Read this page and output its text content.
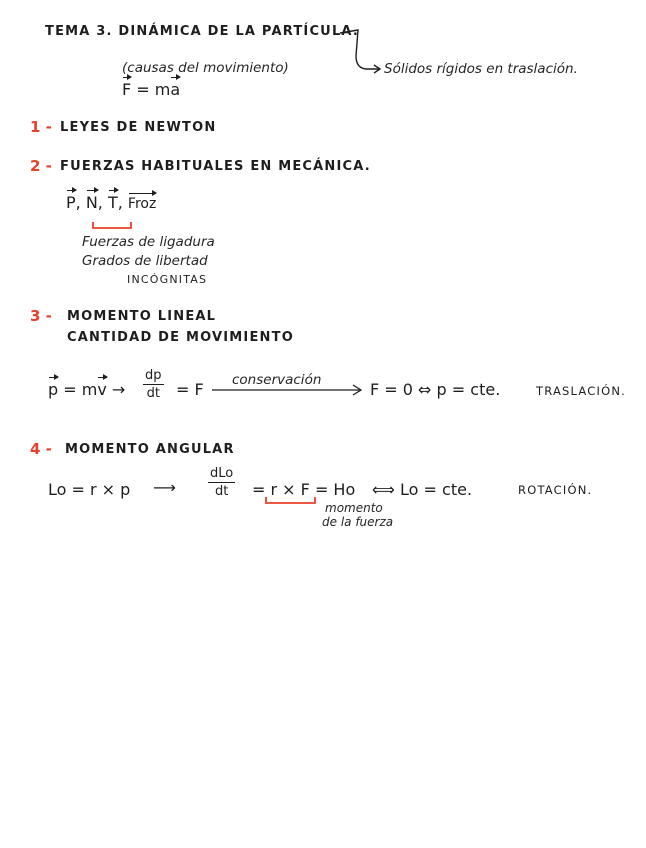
TEMA 3. DINÁMICA DE LA PARTÍCULA.
(causas del movimiento)
F = ma
Sólidos rígidos en traslación.
1 - LEYES DE NEWTON
2 - FUERZAS HABITUALES EN MECÁNICA.
P, N, T, Froz
Fuerzas de ligadura
Grados de libertad
INCÓGNITAS
3 - MOMENTO LINEAL
CANTIDAD DE MOVIMIENTO
p = mv → $\frac{dp}{dt} = F$ conservación	F = 0 ⇔ p = cte.	TRASLACIÓN.
4 - MOMENTO ANGULAR
Lo = r × p ⟶
dLo
dt	= r × F = Ho ⟺ Lo = cte.	ROTACIÓN.
momento
de la fuerza
